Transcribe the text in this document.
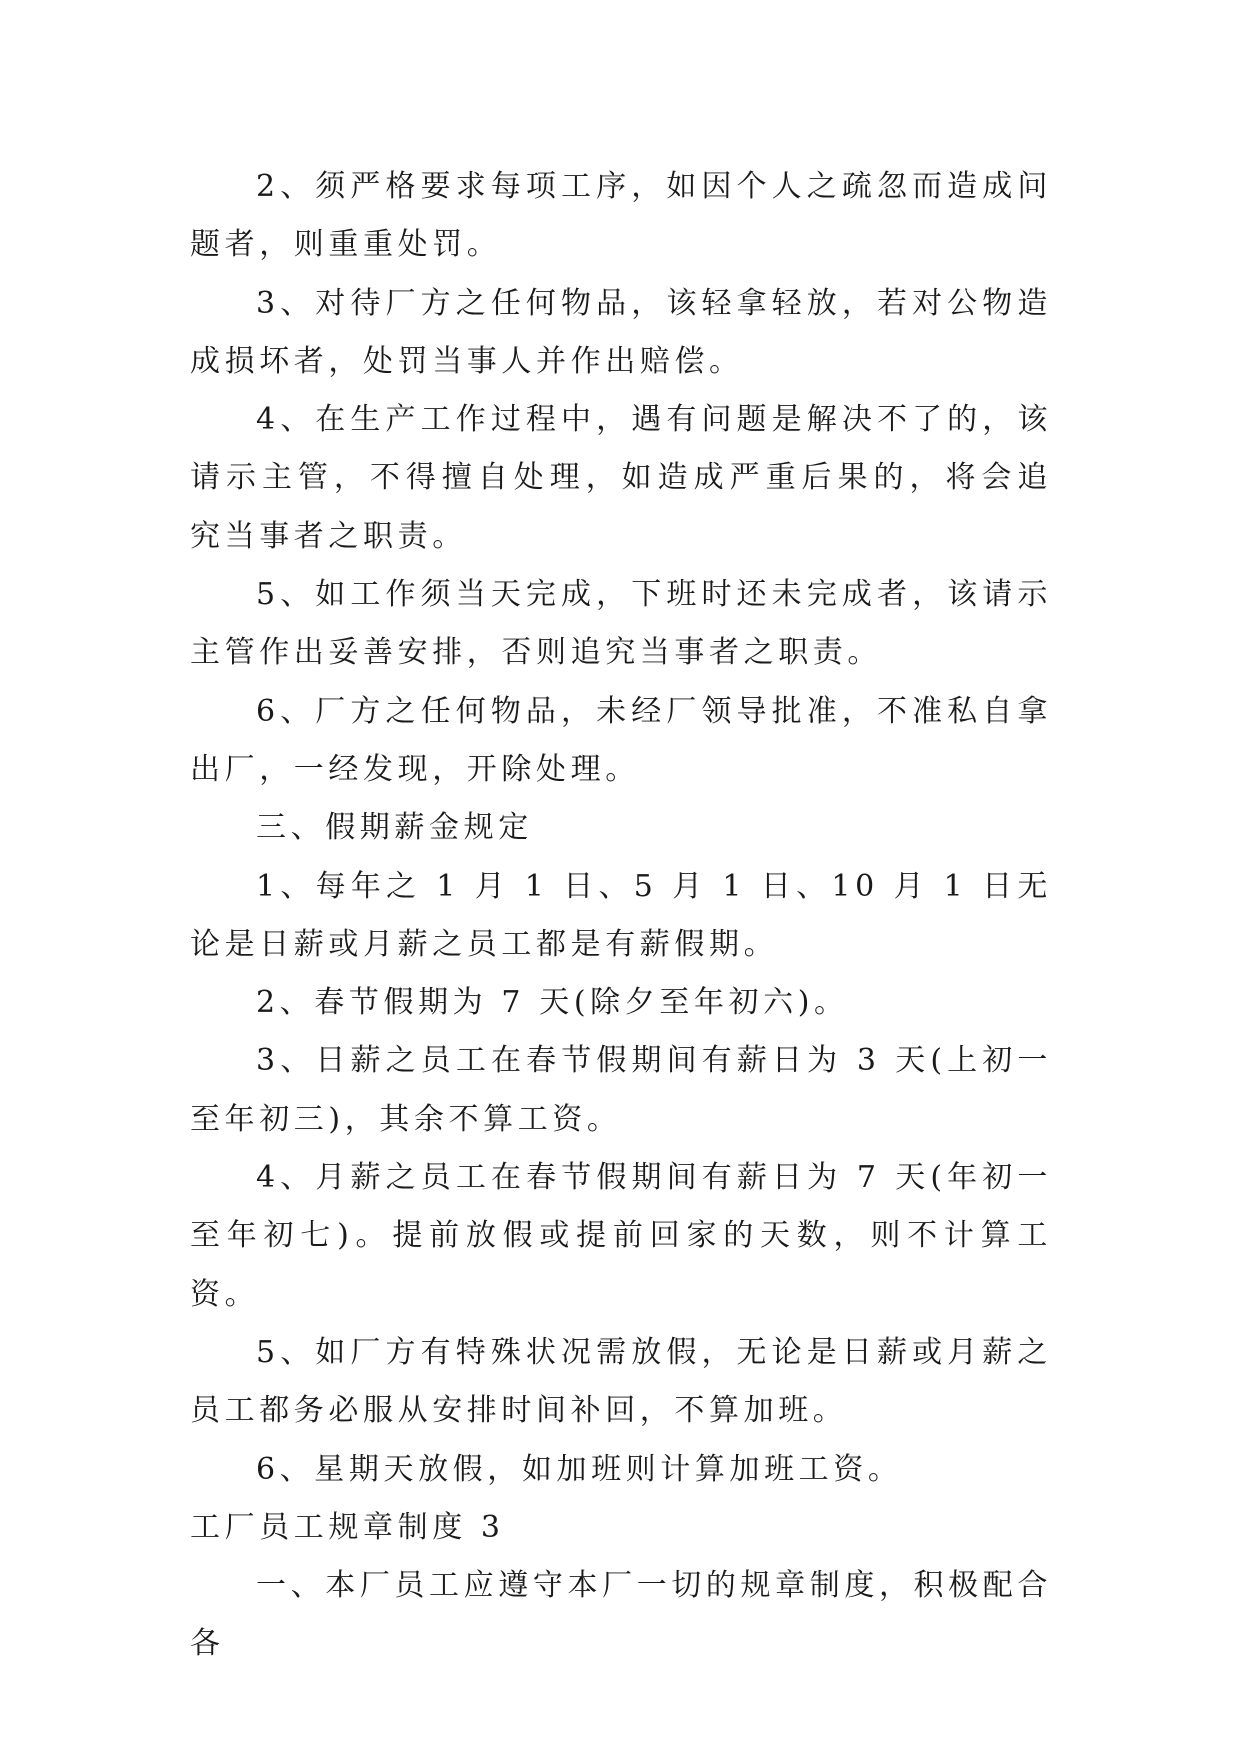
2、须严格要求每项工序，如因个人之疏忽而造成问题者，则重重处罚。

3、对待厂方之任何物品，该轻拿轻放，若对公物造成损坏者，处罚当事人并作出赔偿。

4、在生产工作过程中，遇有问题是解决不了的，该请示主管，不得擅自处理，如造成严重后果的，将会追究当事者之职责。

5、如工作须当天完成，下班时还未完成者，该请示主管作出妥善安排，否则追究当事者之职责。

6、厂方之任何物品，未经厂领导批准，不准私自拿出厂，一经发现，开除处理。

三、假期薪金规定

1、每年之 1 月 1 日、5 月 1 日、10 月 1 日无论是日薪或月薪之员工都是有薪假期。

2、春节假期为 7 天(除夕至年初六)。

3、日薪之员工在春节假期间有薪日为 3 天(上初一至年初三)，其余不算工资。

4、月薪之员工在春节假期间有薪日为 7 天(年初一至年初七)。提前放假或提前回家的天数，则不计算工资。

5、如厂方有特殊状况需放假，无论是日薪或月薪之员工都务必服从安排时间补回，不算加班。

6、星期天放假，如加班则计算加班工资。

工厂员工规章制度 3

一、本厂员工应遵守本厂一切的规章制度，积极配合各
